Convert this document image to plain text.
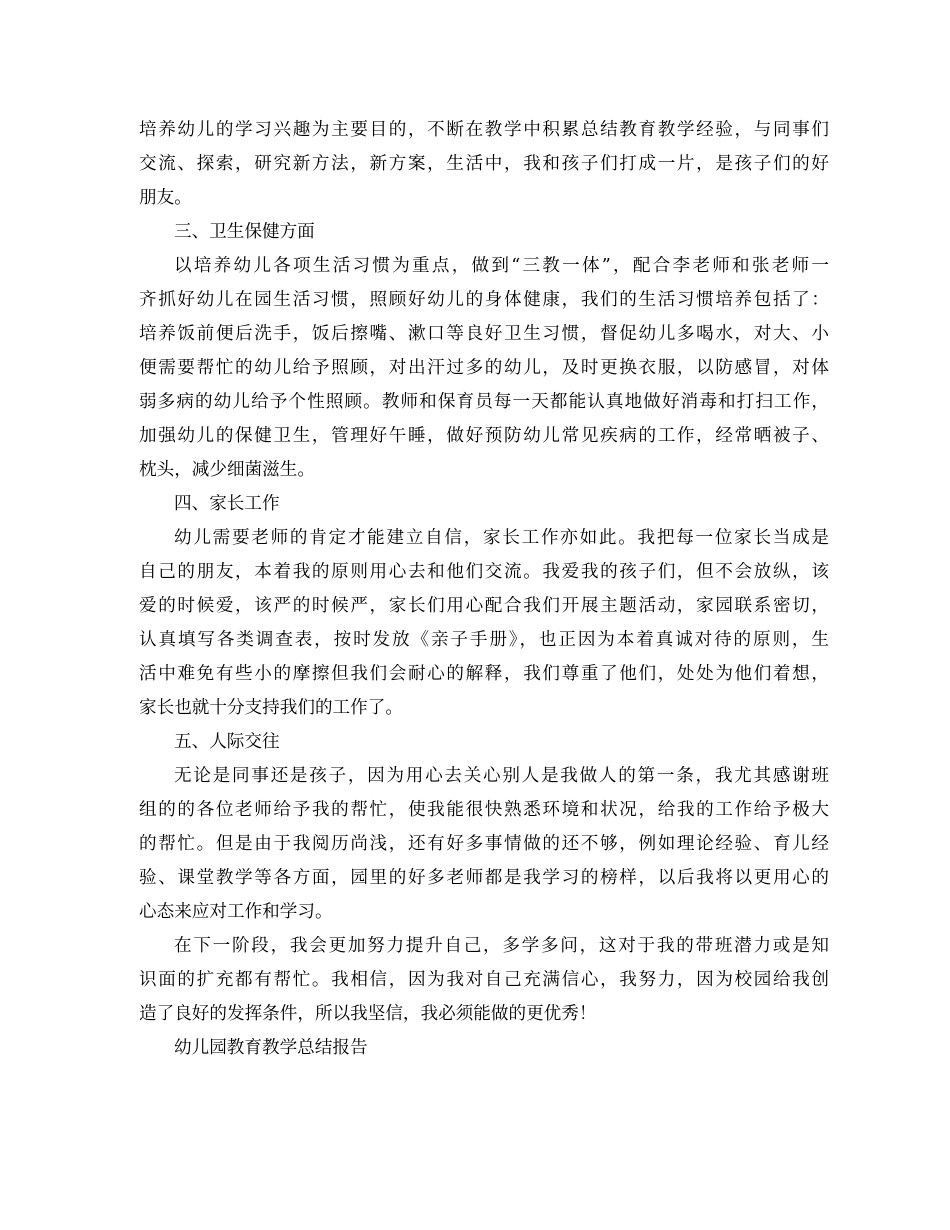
培养幼儿的学习兴趣为主要目的，不断在教学中积累总结教育教学经验，与同事们
交流、探索，研究新方法，新方案，生活中，我和孩子们打成一片，是孩子们的好
朋友。
三、卫生保健方面
以培养幼儿各项生活习惯为重点，做到“三教一体”，配合李老师和张老师一
齐抓好幼儿在园生活习惯，照顾好幼儿的身体健康，我们的生活习惯培养包括了：
培养饭前便后洗手，饭后擦嘴、漱口等良好卫生习惯，督促幼儿多喝水，对大、小
便需要帮忙的幼儿给予照顾，对出汗过多的幼儿，及时更换衣服，以防感冒，对体
弱多病的幼儿给予个性照顾。教师和保育员每一天都能认真地做好消毒和打扫工作，
加强幼儿的保健卫生，管理好午睡，做好预防幼儿常见疾病的工作，经常晒被子、
枕头，减少细菌滋生。
四、家长工作
幼儿需要老师的肯定才能建立自信，家长工作亦如此。我把每一位家长当成是
自己的朋友，本着我的原则用心去和他们交流。我爱我的孩子们，但不会放纵，该
爱的时候爱，该严的时候严，家长们用心配合我们开展主题活动，家园联系密切，
认真填写各类调查表，按时发放《亲子手册》，也正因为本着真诚对待的原则，生
活中难免有些小的摩擦但我们会耐心的解释，我们尊重了他们，处处为他们着想，
家长也就十分支持我们的工作了。
五、人际交往
无论是同事还是孩子，因为用心去关心别人是我做人的第一条，我尤其感谢班
组的的各位老师给予我的帮忙，使我能很快熟悉环境和状况，给我的工作给予极大
的帮忙。但是由于我阅历尚浅，还有好多事情做的还不够，例如理论经验、育儿经
验、课堂教学等各方面，园里的好多老师都是我学习的榜样，以后我将以更用心的
心态来应对工作和学习。
在下一阶段，我会更加努力提升自己，多学多问，这对于我的带班潜力或是知
识面的扩充都有帮忙。我相信，因为我对自己充满信心，我努力，因为校园给我创
造了良好的发挥条件，所以我坚信，我必须能做的更优秀！
幼儿园教育教学总结报告
